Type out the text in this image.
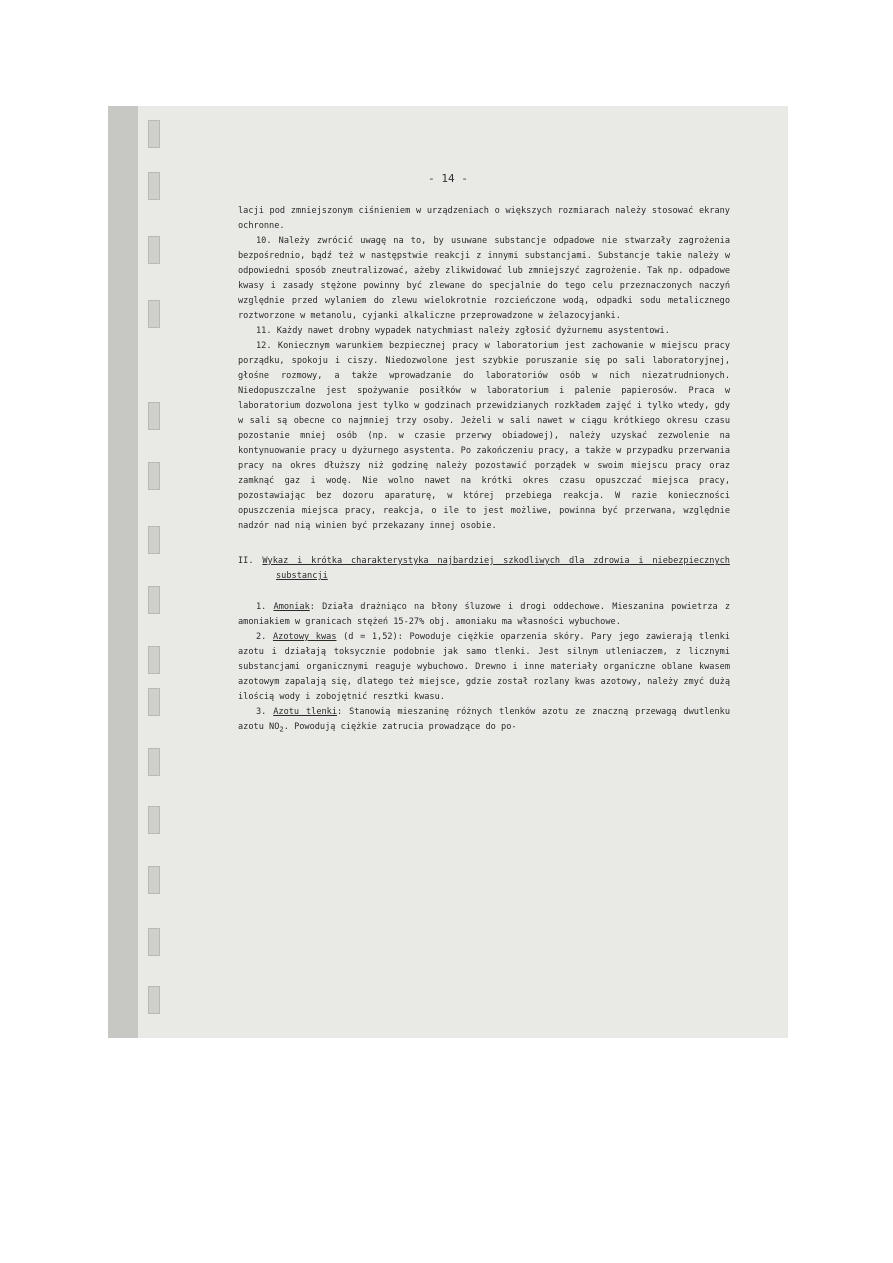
- 14 -

lacji pod zmniejszonym ciśnieniem w urządzeniach o większych rozmiarach należy stosować ekrany ochronne.

10. Należy zwrócić uwagę na to, by usuwane substancje odpadowe nie stwarzały zagrożenia bezpośrednio, bądź też w następstwie reakcji z innymi substancjami. Substancje takie należy w odpowiedni sposób zneutralizować, ażeby zlikwidować lub zmniejszyć zagrożenie. Tak np. odpadowe kwasy i zasady stężone powinny być zlewane do specjalnie do tego celu przeznaczonych naczyń względnie przed wylaniem do zlewu wielokrotnie rozcieńczone wodą, odpadki sodu metalicznego roztworzone w metanolu, cyjanki alkaliczne przeprowadzone w żelazocyjanki.

11. Każdy nawet drobny wypadek natychmiast należy zgłosić dyżurnemu asystentowi.

12. Koniecznym warunkiem bezpiecznej pracy w laboratorium jest zachowanie w miejscu pracy porządku, spokoju i ciszy. Niedozwolone jest szybkie poruszanie się po sali laboratoryjnej, głośne rozmowy, a także wprowadzanie do laboratoriów osób w nich niezatrudnionych. Niedopuszczalne jest spożywanie posiłków w laboratorium i palenie papierosów. Praca w laboratorium dozwolona jest tylko w godzinach przewidzianych rozkładem zajęć i tylko wtedy, gdy w sali są obecne co najmniej trzy osoby. Jeżeli w sali nawet w ciągu krótkiego okresu czasu pozostanie mniej osób (np. w czasie przerwy obiadowej), należy uzyskać zezwolenie na kontynuowanie pracy u dyżurnego asystenta. Po zakończeniu pracy, a także w przypadku przerwania pracy na okres dłuższy niż godzinę należy pozostawić porządek w swoim miejscu pracy oraz zamknąć gaz i wodę. Nie wolno nawet na krótki okres czasu opuszczać miejsca pracy, pozostawiając bez dozoru aparaturę, w której przebiega reakcja. W razie konieczności opuszczenia miejsca pracy, reakcja, o ile to jest możliwe, powinna być przerwana, względnie nadzór nad nią winien być przekazany innej osobie.

II. Wykaz i krótka charakterystyka najbardziej szkodliwych dla zdrowia i niebezpiecznych substancji

1. Amoniak: Działa drażniąco na błony śluzowe i drogi oddechowe. Mieszanina powietrza z amoniakiem w granicach stężeń 15-27% obj. amoniaku ma własności wybuchowe.

2. Azotowy kwas (d = 1,52): Powoduje ciężkie oparzenia skóry. Pary jego zawierają tlenki azotu i działają toksycznie podobnie jak samo tlenki. Jest silnym utleniaczem, z licznymi substancjami organicznymi reaguje wybuchowo. Drewno i inne materiały organiczne oblane kwasem azotowym zapalają się, dlatego też miejsce, gdzie został rozlany kwas azotowy, należy zmyć dużą ilością wody i zobojętnić resztki kwasu.

3. Azotu tlenki: Stanowią mieszaninę różnych tlenków azotu ze znaczną przewagą dwutlenku azotu $NO_2$. Powodują ciężkie zatrucia prowadzące do po-
